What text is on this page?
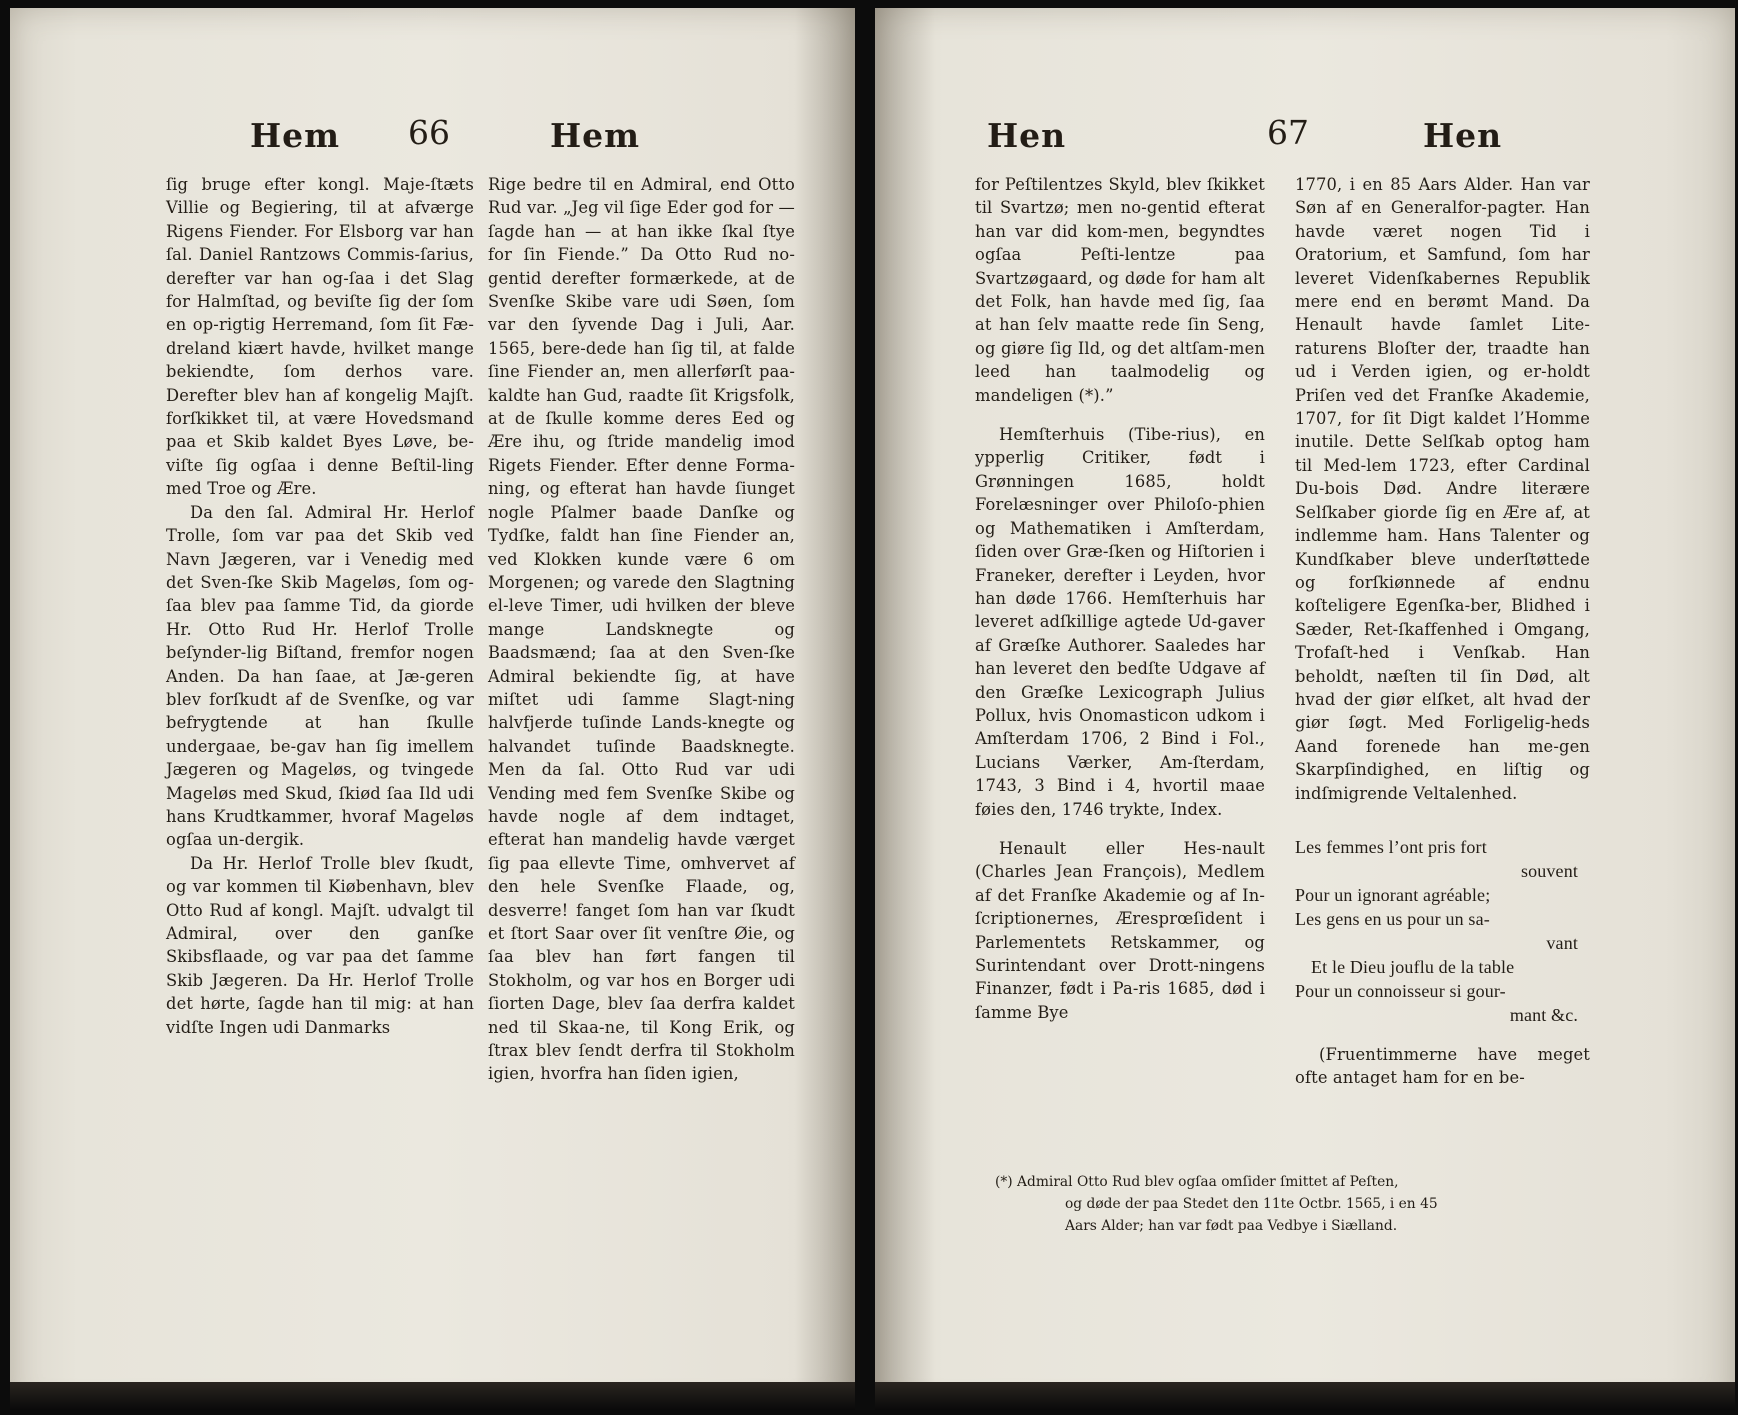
Hem 66	Hem

ſig bruge efter kongl. Maje-ſtæts Villie og Begiering, til at afværge Rigens Fiender. For Elsborg var han ſal. Daniel Rantzows Commis-ſarius, derefter var han og-ſaa i det Slag for Halmſtad, og beviſte ſig der ſom en op-rigtig Herremand, ſom ſit Fæ-dreland kiært havde, hvilket mange bekiendte, ſom derhos vare. Derefter blev han af kongelig Majſt. forſkikket til, at være Hovedsmand paa et Skib kaldet Byes Løve, be-viſte ſig ogſaa i denne Beſtil-ling med Troe og Ære.

Da den ſal. Admiral Hr. Herlof Trolle, ſom var paa det Skib ved Navn Jægeren, var i Venedig med det Sven-ſke Skib Mageløs, ſom og-ſaa blev paa ſamme Tid, da giorde Hr. Otto Rud Hr. Herlof Trolle beſynder-lig Biſtand, fremfor nogen Anden. Da han ſaae, at Jæ-geren blev forſkudt af de Svenſke, og var befrygtende at han ſkulle undergaae, be-gav han ſig imellem Jægeren og Mageløs, og tvingede Mageløs med Skud, ſkiød ſaa Ild udi hans Krudtkammer, hvoraf Mageløs ogſaa un-dergik.

Da Hr. Herlof Trolle blev ſkudt, og var kommen til Kiøbenhavn, blev Otto Rud af kongl. Majſt. udvalgt til Admiral, over den ganſke Skibsflaade, og var paa det ſamme Skib Jægeren. Da Hr. Herlof Trolle det hørte, ſagde han til mig: at han vidſte Ingen udi Danmarks

Rige bedre til en Admiral, end Otto Rud var. „Jeg vil ſige Eder god for — ſagde han — at han ikke ſkal ſtye for ſin Fiende.” Da Otto Rud no-gentid derefter formærkede, at de Svenſke Skibe vare udi Søen, ſom var den ſyvende Dag i Juli, Aar. 1565, bere-dede han ſig til, at falde ſine Fiender an, men allerførſt paa-kaldte han Gud, raadte ſit Krigsfolk, at de ſkulle komme deres Eed og Ære ihu, og ſtride mandelig imod Rigets Fiender. Efter denne Forma-ning, og efterat han havde ſiunget nogle Pſalmer baade Danſke og Tydſke, faldt han ſine Fiender an, ved Klokken kunde være 6 om Morgenen; og varede den Slagtning el-leve Timer, udi hvilken der bleve mange Landsknegte og Baadsmænd; ſaa at den Sven-ſke Admiral bekiendte ſig, at have miſtet udi ſamme Slagt-ning halvfjerde tuſinde Lands-knegte og halvandet tuſinde Baadsknegte. Men da ſal. Otto Rud var udi Vending med fem Svenſke Skibe og havde nogle af dem indtaget, efterat han mandelig havde værget ſig paa ellevte Time, omhvervet af den hele Svenſke Flaade, og, desverre! fanget ſom han var ſkudt et ſtort Saar over ſit venſtre Øie, og ſaa blev han ført fangen til Stokholm, og var hos en Borger udi ſiorten Dage, blev ſaa derfra kaldet ned til Skaa-ne, til Kong Erik, og ſtrax blev ſendt derfra til Stokholm igien, hvorfra han ſiden igien,

Hen	67	Hen

for Peſtilentzes Skyld, blev ſkikket til Svartzø; men no-gentid efterat han var did kom-men, begyndtes ogſaa Peſti-lentze paa Svartzøgaard, og døde for ham alt det Folk, han havde med ſig, ſaa at han ſelv maatte rede ſin Seng, og giøre ſig Ild, og det altſam-men leed han taalmodelig og mandeligen (*).”

Hemſterhuis (Tibe-rius), en ypperlig Critiker, født i Grønningen 1685, holdt Forelæsninger over Philoſo-phien og Mathematiken i Amſterdam, ſiden over Græ-ſken og Hiſtorien i Franeker, derefter i Leyden, hvor han døde 1766. Hemſterhuis har leveret adſkillige agtede Ud-gaver af Græſke Authorer. Saaledes har han leveret den bedſte Udgave af den Græſke Lexicograph Julius Pollux, hvis Onomasticon udkom i Amſterdam 1706, 2 Bind i Fol., Lucians Værker, Am-ſterdam, 1743, 3 Bind i 4, hvortil maae føies den, 1746 trykte, Index.

Henault eller Hes-nault (Charles Jean François), Medlem af det Franſke Akademie og af In-ſcriptionernes, Æresprœſident i Parlementets Retskammer, og Surintendant over Drott-ningens Finanzer, født i Pa-ris 1685, død i ſamme Bye

1770, i en 85 Aars Alder. Han var Søn af en Generalfor-pagter. Han havde været nogen Tid i Oratorium, et Samfund, ſom har leveret Videnſkabernes Republik mere end en berømt Mand. Da Henault havde ſamlet Lite-raturens Bloſter der, traadte han ud i Verden igien, og er-holdt Priſen ved det Franſke Akademie, 1707, for ſit Digt kaldet l’Homme inutile. Dette Selſkab optog ham til Med-lem 1723, efter Cardinal Du-bois Død. Andre literære Selſkaber giorde ſig en Ære af, at indlemme ham. Hans Talenter og Kundſkaber bleve underſtøttede og forſkiønnede af endnu koſteligere Egenſka-ber, Blidhed i Sæder, Ret-ſkaffenhed i Omgang, Trofaſt-hed i Venſkab. Han beholdt, næſten til ſin Død, alt hvad der giør elſket, alt hvad der giør ſøgt. Med Forligelig-heds Aand forenede han me-gen Skarpſindighed, en liſtig og indſmigrende Veltalenhed.

Les femmes l’ont pris fort
souvent
Pour un ignorant agréable;
Les gens en us pour un sa-
vant
Et le Dieu jouflu de la table
Pour un connoisseur si gour-
mant &c.

(Fruentimmerne have meget ofte antaget ham for en be-

(*) Admiral Otto Rud blev ogſaa omſider ſmittet af Peſten,
og døde der paa Stedet den 11te Octbr. 1565, i en 45
Aars Alder; han var født paa Vedbye i Siælland.
